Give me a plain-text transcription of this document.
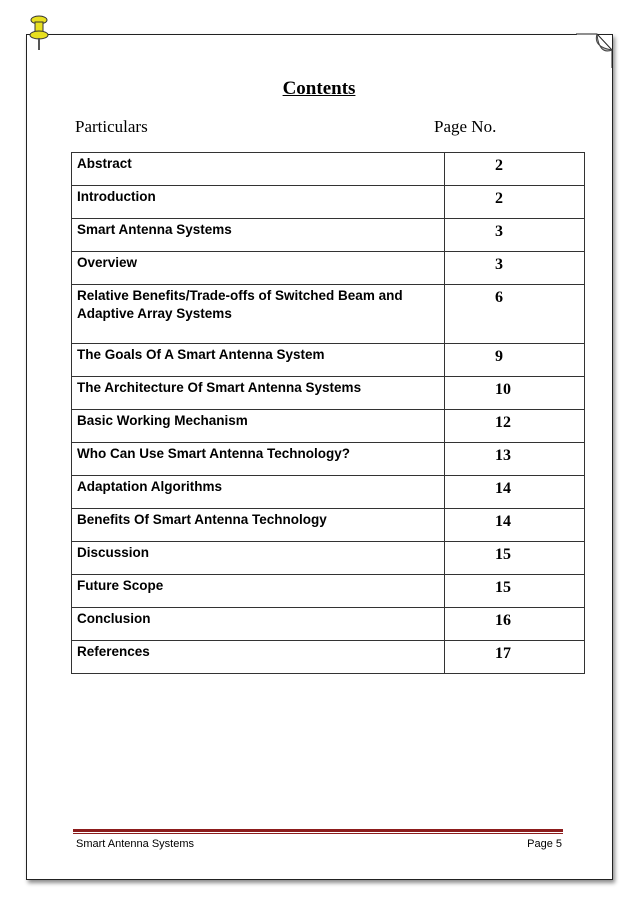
Contents
Particulars	Page No.
Abstract	2
Introduction	2
Smart Antenna Systems	3
Overview	3
Relative Benefits/Trade-offs of Switched Beam and Adaptive Array Systems	6
The Goals Of A Smart Antenna System	9
The Architecture Of Smart Antenna Systems	10
Basic Working Mechanism	12
Who Can Use Smart Antenna Technology?	13
Adaptation Algorithms	14
Benefits Of Smart Antenna Technology	14
Discussion	15
Future Scope	15
Conclusion	16
References	17
Smart Antenna Systems	Page 5
